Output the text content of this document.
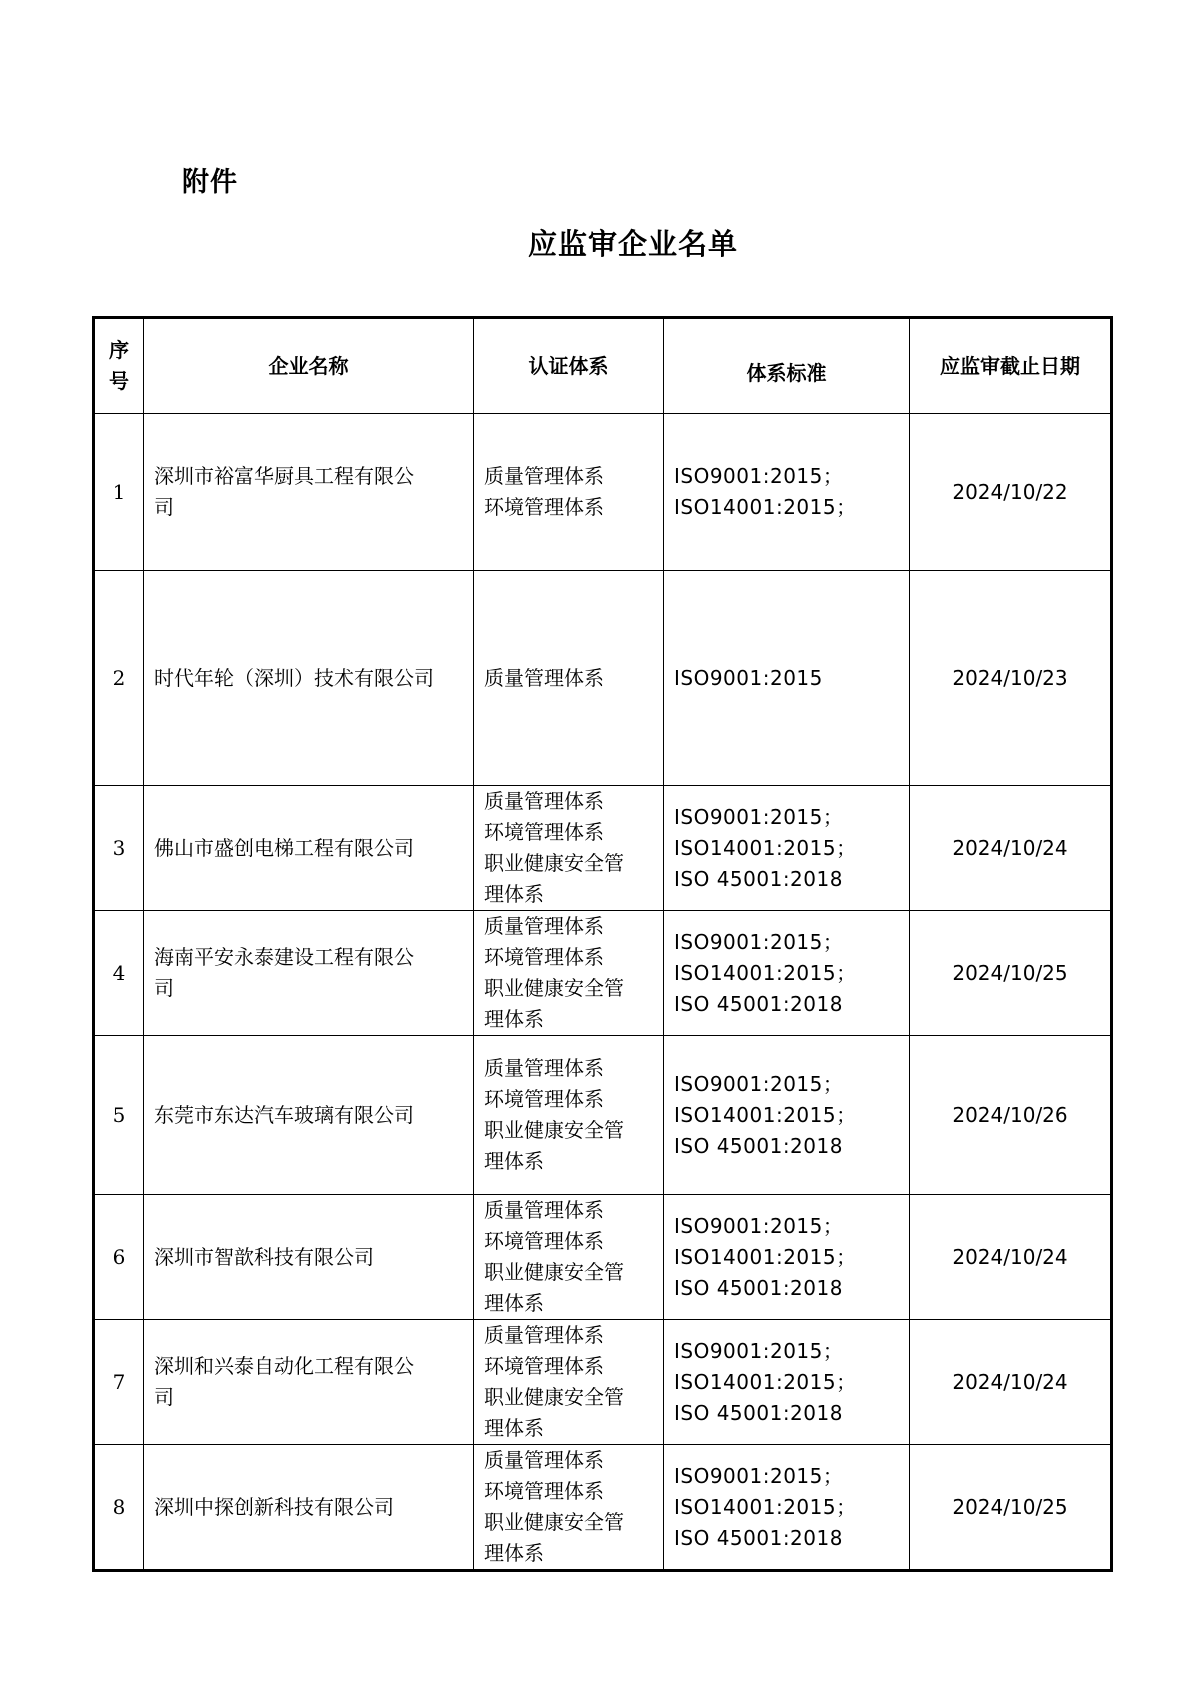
附件
应监审企业名单
序
号	企业名称	认证体系	体系标准	应监审截止日期
1	深圳市裕富华厨具工程有限公
司	质量管理体系
环境管理体系	ISO9001:2015；
ISO14001:2015；	2024/10/22
2	时代年轮（深圳）技术有限公司	质量管理体系	ISO9001:2015	2024/10/23
3	佛山市盛创电梯工程有限公司	质量管理体系
环境管理体系
职业健康安全管
理体系	ISO9001:2015；
ISO14001:2015；
ISO 45001:2018	2024/10/24
4	海南平安永泰建设工程有限公
司	质量管理体系
环境管理体系
职业健康安全管
理体系	ISO9001:2015；
ISO14001:2015；
ISO 45001:2018	2024/10/25
5	东莞市东达汽车玻璃有限公司	质量管理体系
环境管理体系
职业健康安全管
理体系	ISO9001:2015；
ISO14001:2015；
ISO 45001:2018	2024/10/26
6	深圳市智歆科技有限公司	质量管理体系
环境管理体系
职业健康安全管
理体系	ISO9001:2015；
ISO14001:2015；
ISO 45001:2018	2024/10/24
7	深圳和兴泰自动化工程有限公
司	质量管理体系
环境管理体系
职业健康安全管
理体系	ISO9001:2015；
ISO14001:2015；
ISO 45001:2018	2024/10/24
8	深圳中探创新科技有限公司	质量管理体系
环境管理体系
职业健康安全管
理体系	ISO9001:2015；
ISO14001:2015；
ISO 45001:2018	2024/10/25
